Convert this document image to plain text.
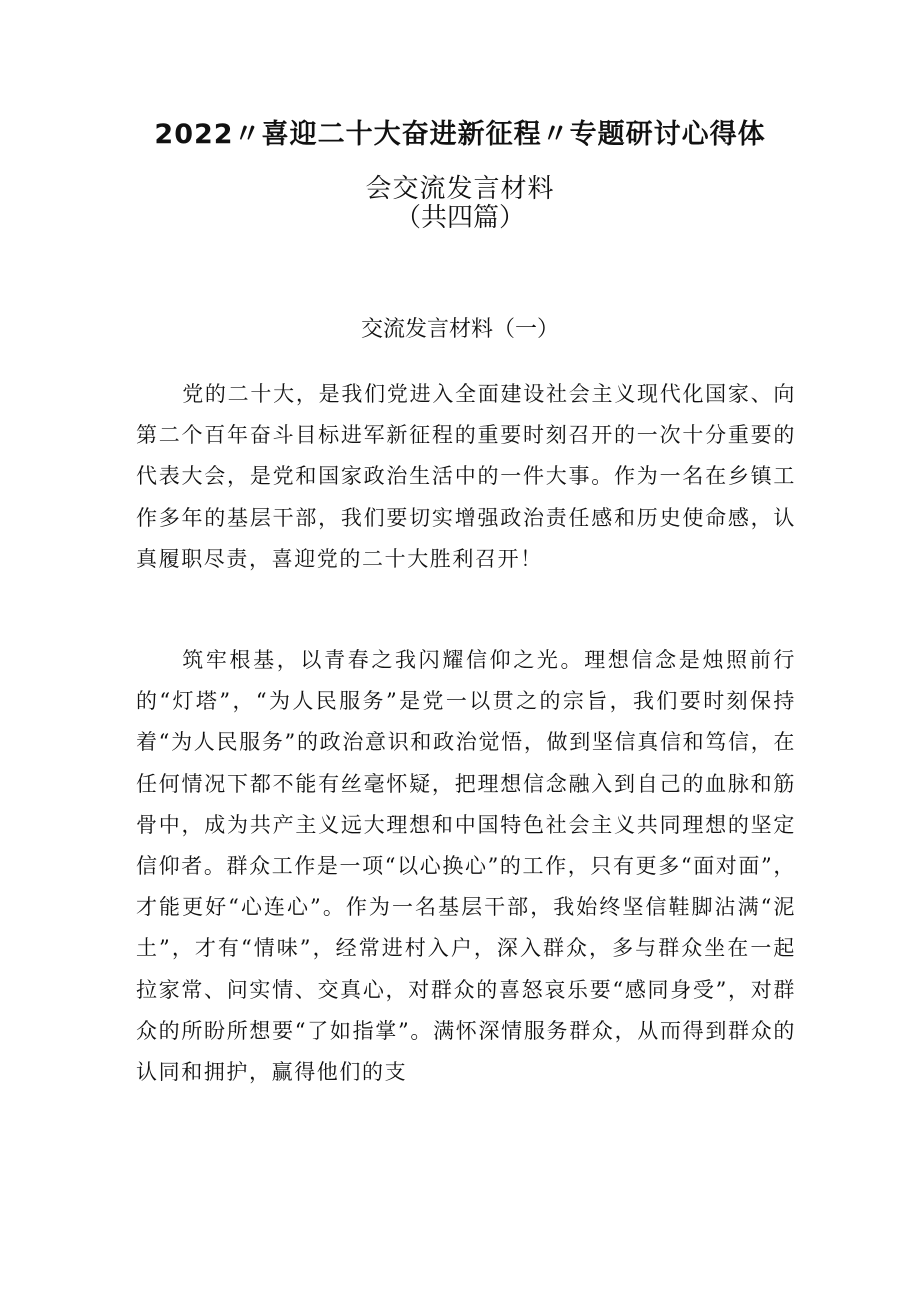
2022〃喜迎二十大奋进新征程〃专题研讨心得体
会交流发言材料
（共四篇）
交流发言材料（一）

党的二十大，是我们党进入全面建设社会主义现代化国家、向第二个百年奋斗目标进军新征程的重要时刻召开的一次十分重要的代表大会，是党和国家政治生活中的一件大事。作为一名在乡镇工作多年的基层干部，我们要切实增强政治责任感和历史使命感，认真履职尽责，喜迎党的二十大胜利召开！

筑牢根基，以青春之我闪耀信仰之光。理想信念是烛照前行的“灯塔”，“为人民服务”是党一以贯之的宗旨，我们要时刻保持着“为人民服务”的政治意识和政治觉悟，做到坚信真信和笃信，在任何情况下都不能有丝毫怀疑，把理想信念融入到自己的血脉和筋骨中，成为共产主义远大理想和中国特色社会主义共同理想的坚定信仰者。群众工作是一项“以心换心”的工作，只有更多“面对面”，才能更好“心连心”。作为一名基层干部，我始终坚信鞋脚沾满“泥土”，才有“情味”，经常进村入户，深入群众，多与群众坐在一起拉家常、问实情、交真心，对群众的喜怒哀乐要“感同身受”，对群众的所盼所想要“了如指掌”。满怀深情服务群众，从而得到群众的认同和拥护，赢得他们的支
